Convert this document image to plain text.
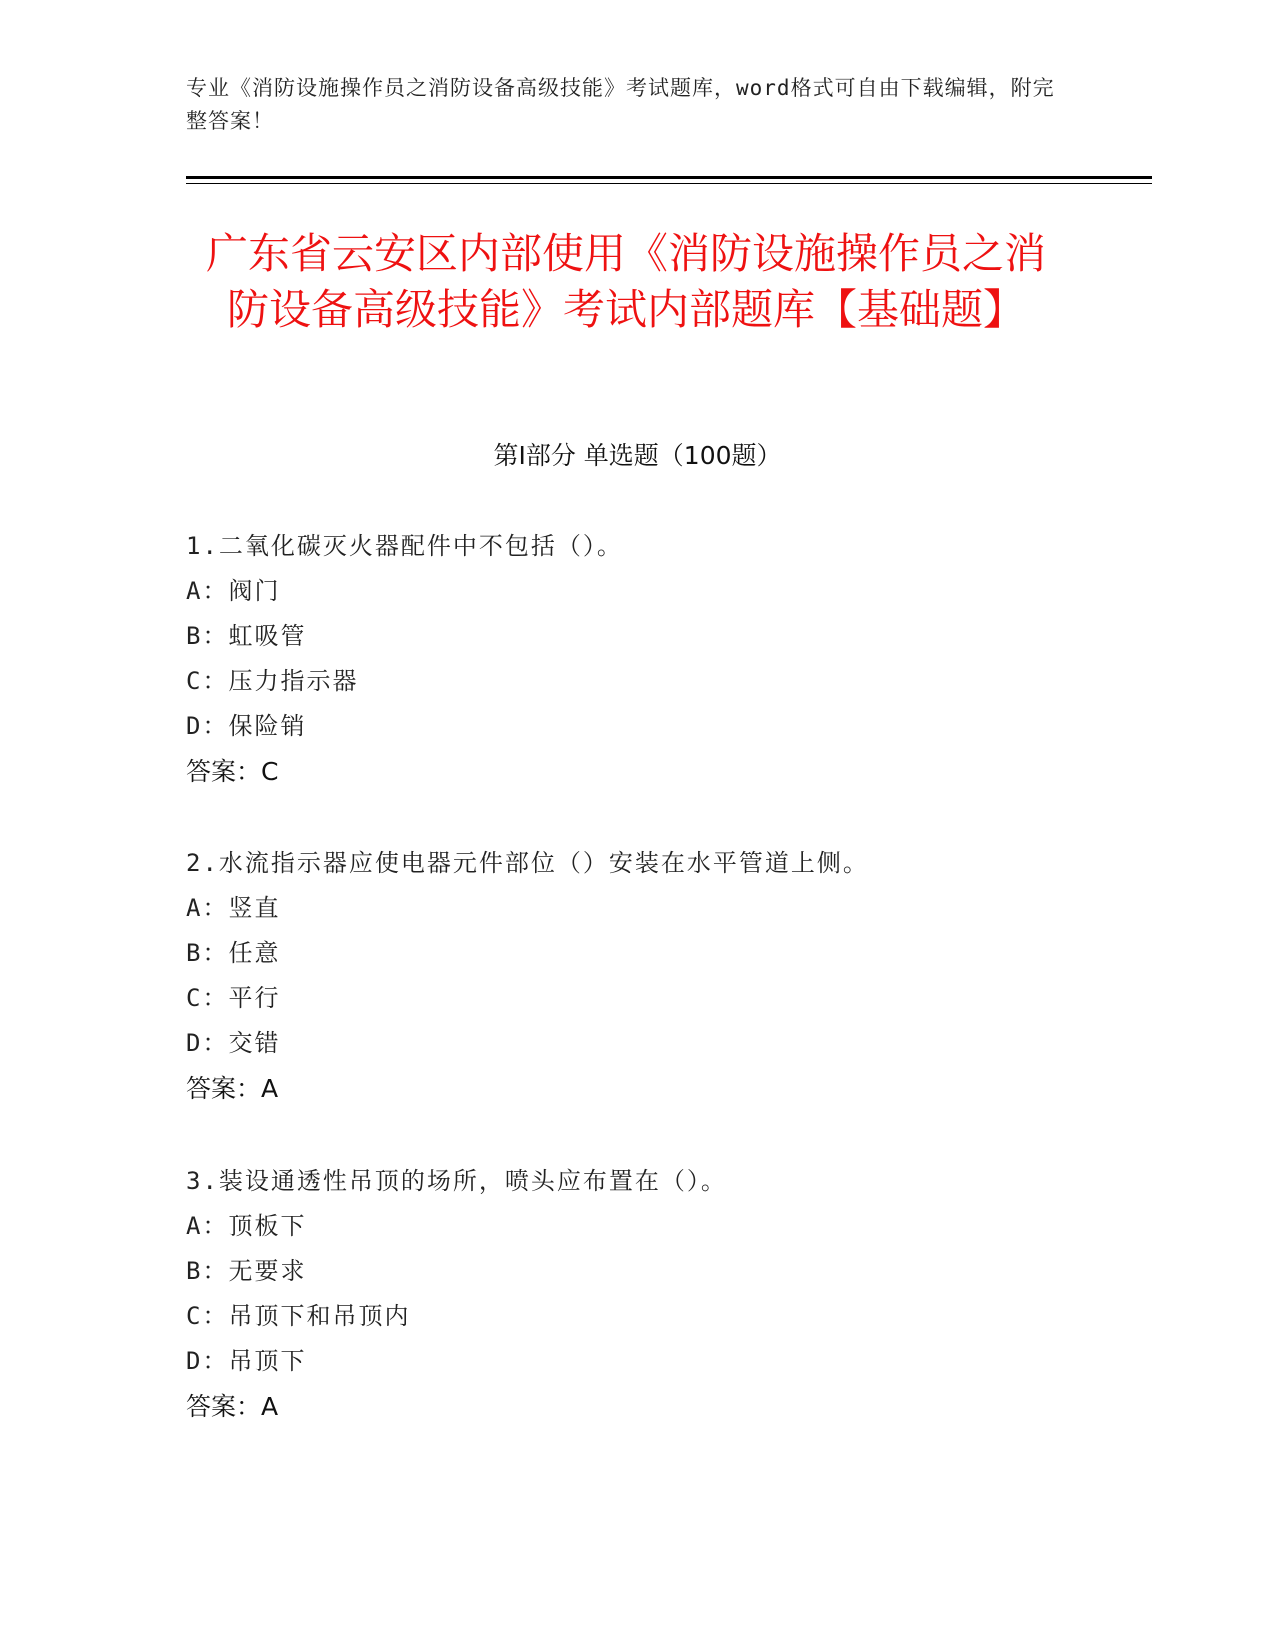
专业《消防设施操作员之消防设备高级技能》考试题库，word格式可自由下载编辑，附完整答案！
广东省云安区内部使用《消防设施操作员之消防设备高级技能》考试内部题库【基础题】
第Ⅰ部分 单选题（100题）
1.二氧化碳灭火器配件中不包括（）。
A：阀门
B：虹吸管
C：压力指示器
D：保险销
答案：C
2.水流指示器应使电器元件部位（）安装在水平管道上侧。
A：竖直
B：任意
C：平行
D：交错
答案：A
3.装设通透性吊顶的场所，喷头应布置在（）。
A：顶板下
B：无要求
C：吊顶下和吊顶内
D：吊顶下
答案：A
